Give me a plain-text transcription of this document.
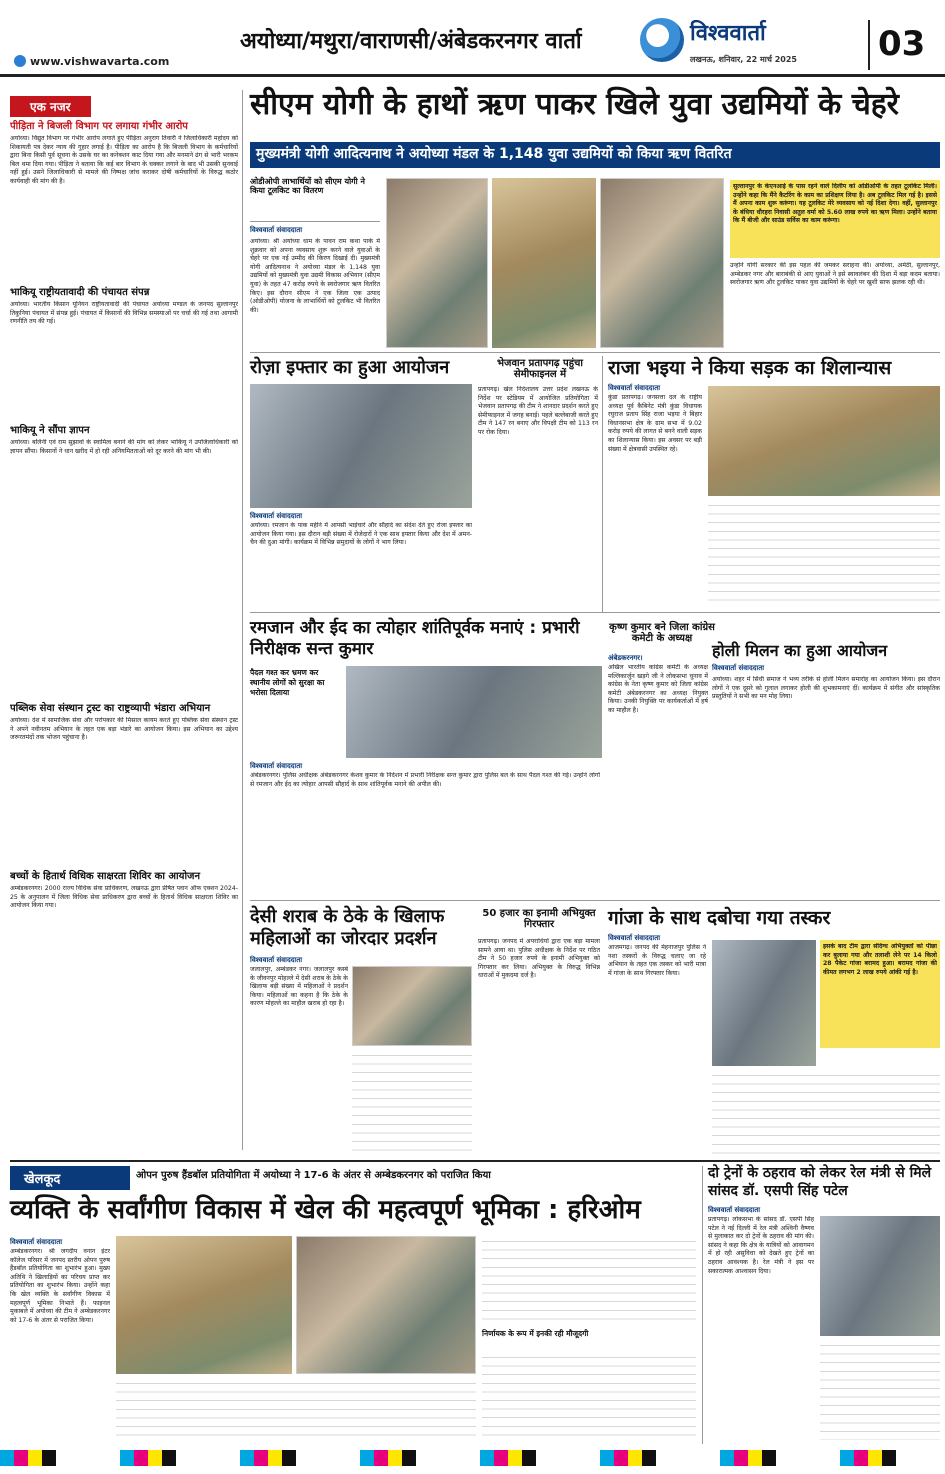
अयोध्या/मथुरा/वाराणसी/अंबेडकरनगर वार्ता	विश्ववार्ता
लखनऊ, शनिवार, 22 मार्च 2025 03
www.vishwavarta.com
एक नजर
पीड़िता ने बिजली विभाग पर लगाया गंभीर आरोप
अयोध्या। विद्युत विभाग पर गंभीर आरोप लगाते हुए पीड़िता अनुराग तिवारी ने जिलाधिकारी महोदय को शिकायती पत्र देकर न्याय की गुहार लगाई है। पीड़िता का आरोप है कि बिजली विभाग के कर्मचारियों द्वारा बिना किसी पूर्व सूचना के उसके घर का कनेक्शन काट दिया गया और मनमाने ढंग से भारी भरकम बिल थमा दिया गया। पीड़िता ने बताया कि कई बार विभाग के चक्कर लगाने के बाद भी उसकी सुनवाई नहीं हुई। उसने जिलाधिकारी से मामले की निष्पक्ष जांच कराकर दोषी कर्मचारियों के विरुद्ध कठोर कार्यवाही की मांग की है।
भाकियू राष्ट्रीयतावादी की पंचायत संपन्न
अयोध्या। भारतीय किसान यूनियन राष्ट्रीयतावादी की पंचायत अयोध्या मण्डल के जनपद सुल्तानपुर तिकुनिया पंचायत में संपन्न हुई। पंचायत में किसानों की विभिन्न समस्याओं पर चर्चा की गई तथा आगामी रणनीति तय की गई।
भाकियू ने सौंपा ज्ञापन
अयोध्या। बलिनी एवं राम सुझावों के स्वामित्व बनाने की मांग को लेकर भाकियू ने उपजिलाधिकारी को ज्ञापन सौंपा। किसानों ने धान खरीद में हो रही अनियमितताओं को दूर करने की मांग भी की।
पब्लिक सेवा संस्थान ट्रस्ट का राष्ट्रव्यापी भंडारा अभियान
अयोध्या। देश में सामाजिक सेवा और परोपकार की मिसाल कायम करते हुए पब्लिक सेवा संस्थान ट्रस्ट ने अपने नवीनतम अभियान के तहत एक बड़ा भंडारे का आयोजन किया। इस अभियान का उद्देश्य जरूरतमंदों तक भोजन पहुंचाना है।
बच्चों के हितार्थ विधिक साक्षरता शिविर का आयोजन
अम्बेडकरनगर। 2000 राज्य विधिक सेवा प्राधिकरण, लखनऊ द्वारा प्रेषित प्लान ऑफ एक्शन 2024-25 के अनुपालन में जिला विधिक सेवा प्राधिकरण द्वारा बच्चों के हितार्थ विधिक साक्षरता शिविर का आयोजन किया गया।
सीएम योगी के हाथों ऋण पाकर खिले युवा उद्यमियों के चेहरे
मुख्यमंत्री योगी आदित्यनाथ ने अयोध्या मंडल के 1,148 युवा उद्यमियों को किया ऋण वितरित
ओडीओपी लाभार्थियों को सीएम योगी ने किया टूलकिट का वितरण
विश्ववार्ता संवाददाता
अयोध्या। श्री अयोध्या धाम के पावन राम कथा पार्क में शुक्रवार को अपना व्यवसाय शुरू करने वाले युवाओं के चेहरे पर एक नई उम्मीद की किरण दिखाई दी। मुख्यमंत्री योगी आदित्यनाथ ने अयोध्या मंडल के 1,148 युवा उद्यमियों को मुख्यमंत्री युवा उद्यमी विकास अभियान (सीएम युवा) के तहत 47 करोड़ रुपये के स्वरोजगार ऋण वितरित किए। इस दौरान सीएम ने एक जिला एक उत्पाद (ओडीओपी) योजना के लाभार्थियों को टूलकिट भी वितरित की।
सुल्तानपुर के केएनआई के पास रहने वाले दिलीप को ओडीओपी के तहत टूलकिट मिली। उन्होंने कहा कि मैंने कैटरिंग के काम का प्रशिक्षण लिया है। अब टूलकिट मिल गई है। इससे मैं अपना काम शुरू करूंगा। यह टूलकिट मेरे व्यवसाय को नई दिशा देगा। वहीं, सुल्तानपुर के बंधिया धौरहरा निवासी अतुल वर्मा को 5.60 लाख रुपये का ऋण मिला। उन्होंने बताया कि मैं बीजी और साउंड सर्विस का काम करूंगा।
उन्होंने योगी सरकार की इस पहल की जमकर सराहना की। अयोध्या, अमेठी, सुल्तानपुर, अम्बेडकर नगर और बाराबंकी से आए युवाओं ने इसे स्वावलंबन की दिशा में बड़ा कदम बताया। स्वरोजगार ऋण और टूलकिट पाकर युवा उद्यमियों के चेहरे पर खुशी साफ झलक रही थी।
रोज़ा इफ्तार का हुआ आयोजन
विश्ववार्ता संवाददाता
अयोध्या। रमजान के पाक महीने में आपसी भाईचारे और सौहार्द का संदेश देते हुए रोजा इफ्तार का आयोजन किया गया। इस दौरान बड़ी संख्या में रोजेदारों ने एक साथ इफ्तार किया और देश में अमन-चैन की दुआ मांगी। कार्यक्रम में विभिन्न समुदायों के लोगों ने भाग लिया।
भेजवान प्रतापगढ़ पहुंचा सेमीफाइनल में
प्रतापगढ़। खेल निदेशालय उत्तर प्रदेश लखनऊ के निर्देश पर स्टेडियम में आयोजित प्रतियोगिता में भेजवान प्रतापगढ़ की टीम ने शानदार प्रदर्शन करते हुए सेमीफाइनल में जगह बनाई। पहले बल्लेबाजी करते हुए टीम ने 147 रन बनाए और विपक्षी टीम को 113 रन पर रोक दिया।
राजा भइया ने किया सड़क का शिलान्यास
विश्ववार्ता संवाददाता
कुंडा प्रतापगढ़। जनसत्ता दल के राष्ट्रीय अध्यक्ष पूर्व कैबिनेट मंत्री कुंडा विधायक रघुराज प्रताप सिंह राजा भइया ने बिहार विधानसभा क्षेत्र के ग्राम सभा में 9.02 करोड़ रुपये की लागत से बनने वाली सड़क का शिलान्यास किया। इस अवसर पर बड़ी संख्या में क्षेत्रवासी उपस्थित रहे।
रमजान और ईद का त्योहार शांतिपूर्वक मनाएं : प्रभारी निरीक्षक सन्त कुमार
पैदल गश्त कर भ्रमण कर स्थानीय लोगों को सुरक्षा का भरोसा दिलाया
विश्ववार्ता संवाददाता
अंबेडकरनगर। पुलिस अधीक्षक अंबेडकरनगर केशव कुमार के निर्देशन में प्रभारी निरीक्षक सन्त कुमार द्वारा पुलिस बल के साथ पैदल गश्त की गई। उन्होंने लोगों से रमजान और ईद का त्योहार आपसी सौहार्द के साथ शांतिपूर्वक मनाने की अपील की।
कृष्ण कुमार बने जिला कांग्रेस कमेटी के अध्यक्ष
अंबेडकरनगर।
अखिल भारतीय कांग्रेस कमेटी के अध्यक्ष मल्लिकार्जुन खड़गे जी ने लोकसभा चुनाव में कांग्रेस के नेता कृष्ण कुमार को जिला कांग्रेस कमेटी अंबेडकरनगर का अध्यक्ष नियुक्त किया। उनकी नियुक्ति पर कार्यकर्ताओं में हर्ष का माहौल है।
होली मिलन का हुआ आयोजन
विश्ववार्ता संवाददाता
अयोध्या। शहर में सिंधी समाज ने भव्य तरीके से होली मिलन समारोह का आयोजन किया। इस दौरान लोगों ने एक दूसरे को गुलाल लगाकर होली की शुभकामनाएं दीं। कार्यक्रम में संगीत और सांस्कृतिक प्रस्तुतियों ने सभी का मन मोह लिया।
देसी शराब के ठेके के खिलाफ महिलाओं का जोरदार प्रदर्शन
विश्ववार्ता संवाददाता
जलालपुर, अम्बेडकर नगर। जलालपुर कस्बे के जीवनपुर मोहल्ले में देसी शराब के ठेके के खिलाफ बड़ी संख्या में महिलाओं ने प्रदर्शन किया। महिलाओं का कहना है कि ठेके के कारण मोहल्ले का माहौल खराब हो रहा है।
50 हजार का इनामी अभियुक्त गिरफ्तार
प्रतापगढ़। जनपद में अपराधियों द्वारा एक बड़ा मामला सामने आया था। पुलिस अधीक्षक के निर्देश पर गठित टीम ने 50 हजार रुपये के इनामी अभियुक्त को गिरफ्तार कर लिया। अभियुक्त के विरुद्ध विभिन्न धाराओं में मुकदमा दर्ज है।
गांजा के साथ दबोचा गया तस्कर
विश्ववार्ता संवाददाता
आजमगढ़। जनपद की मेहनाजपुर पुलिस ने नशा तस्करों के विरुद्ध चलाए जा रहे अभियान के तहत एक तस्कर को भारी मात्रा में गांजा के साथ गिरफ्तार किया।
इसके बाद टीम द्वारा संदिग्ध अभियुक्तों को पीछा कर बुलाया गया और तलाशी लेने पर 14 किलो 28 पैकेट गांजा बरामद हुआ। बरामद गांजा की कीमत लगभग 2 लाख रुपये आंकी गई है।
खेलकूद	ओपन पुरुष हैंडबॉल प्रतियोगिता में अयोध्या ने 17-6 के अंतर से अम्बेडकरनगर को पराजित किया
व्यक्ति के सर्वांगीण विकास में खेल की महत्वपूर्ण भूमिका : हरिओम
विश्ववार्ता संवाददाता
अम्बेडकरनगर। श्री जगदीप वनान इंटर कॉलेज परिसर में जनपद स्तरीय ओपन पुरुष हैंडबॉल प्रतियोगिता का शुभारंभ हुआ। मुख्य अतिथि ने खिलाड़ियों का परिचय प्राप्त कर प्रतियोगिता का शुभारंभ किया। उन्होंने कहा कि खेल व्यक्ति के सर्वांगीण विकास में महत्वपूर्ण भूमिका निभाते हैं। फाइनल मुकाबले में अयोध्या की टीम ने अम्बेडकरनगर को 17-6 के अंतर से पराजित किया।
निर्णायक के रूप में इनकी रही मौजूदगी
दो ट्रेनों के ठहराव को लेकर रेल मंत्री से मिले सांसद डॉ. एसपी सिंह पटेल
विश्ववार्ता संवाददाता
प्रतापगढ़। लोकसभा के सांसद डॉ. एसपी सिंह पटेल ने नई दिल्ली में रेल मंत्री अश्विनी वैष्णव से मुलाकात कर दो ट्रेनों के ठहराव की मांग की। सांसद ने कहा कि क्षेत्र के यात्रियों को आवागमन में हो रही असुविधा को देखते हुए ट्रेनों का ठहराव आवश्यक है। रेल मंत्री ने इस पर सकारात्मक आश्वासन दिया।
